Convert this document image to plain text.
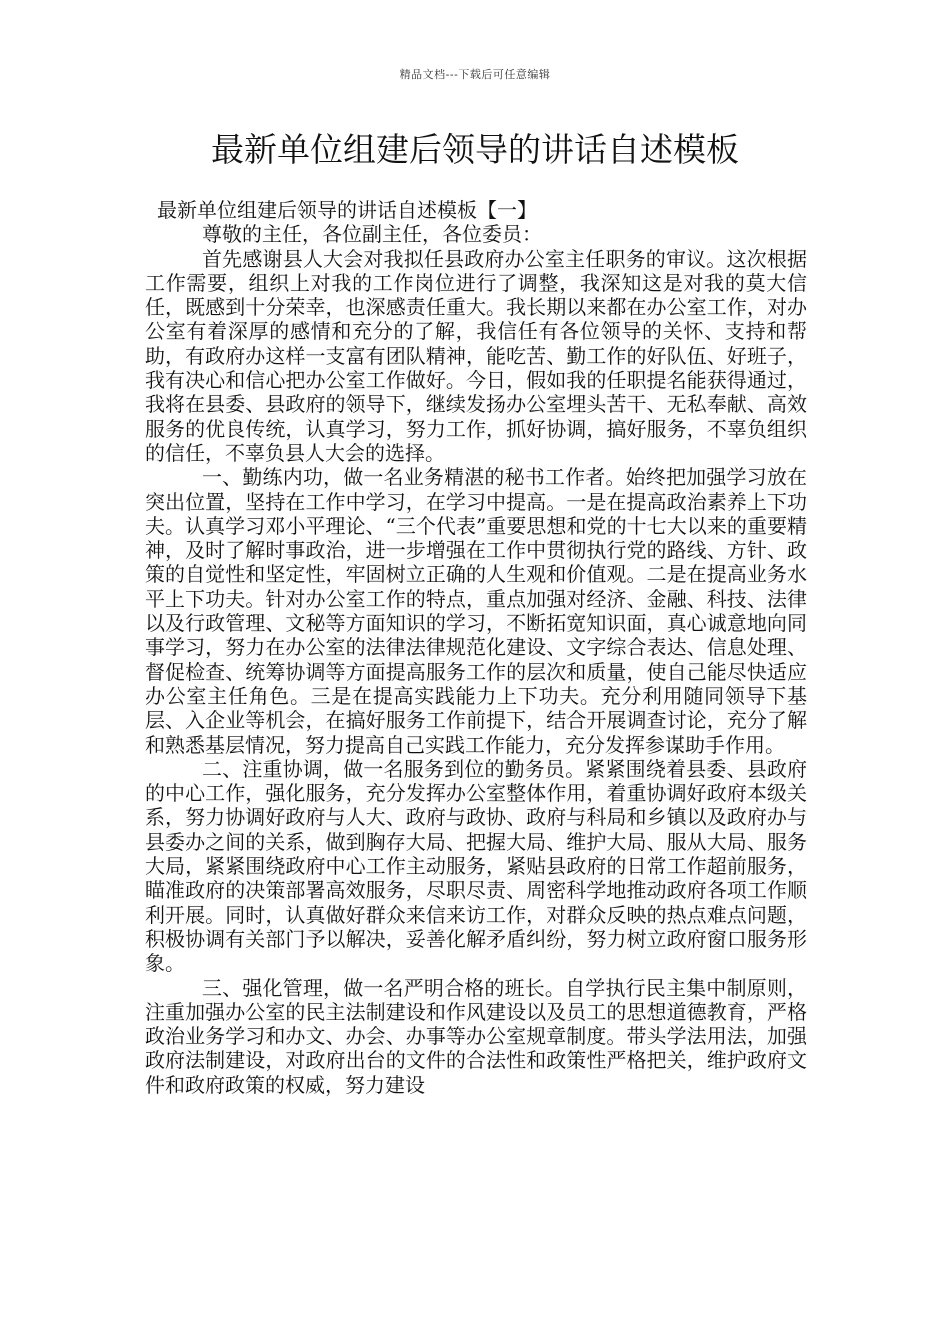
精品文档---下载后可任意编辑
最新单位组建后领导的讲话自述模板

最新单位组建后领导的讲话自述模板【一】

尊敬的主任，各位副主任，各位委员：

首先感谢县人大会对我拟任县政府办公室主任职务的审议。这次根据工作需要，组织上对我的工作岗位进行了调整，我深知这是对我的莫大信任，既感到十分荣幸，也深感责任重大。我长期以来都在办公室工作，对办公室有着深厚的感情和充分的了解，我信任有各位领导的关怀、支持和帮助，有政府办这样一支富有团队精神，能吃苦、勤工作的好队伍、好班子，我有决心和信心把办公室工作做好。今日，假如我的任职提名能获得通过，我将在县委、县政府的领导下，继续发扬办公室埋头苦干、无私奉献、高效服务的优良传统，认真学习，努力工作，抓好协调，搞好服务，不辜负组织的信任，不辜负县人大会的选择。

一、勤练内功，做一名业务精湛的秘书工作者。始终把加强学习放在突出位置，坚持在工作中学习，在学习中提高。一是在提高政治素养上下功夫。认真学习邓小平理论、“三个代表”重要思想和党的十七大以来的重要精神，及时了解时事政治，进一步增强在工作中贯彻执行党的路线、方针、政策的自觉性和坚定性，牢固树立正确的人生观和价值观。二是在提高业务水平上下功夫。针对办公室工作的特点，重点加强对经济、金融、科技、法律以及行政管理、文秘等方面知识的学习，不断拓宽知识面，真心诚意地向同事学习，努力在办公室的法律法律规范化建设、文字综合表达、信息处理、督促检查、统筹协调等方面提高服务工作的层次和质量，使自己能尽快适应办公室主任角色。三是在提高实践能力上下功夫。充分利用随同领导下基层、入企业等机会，在搞好服务工作前提下，结合开展调查讨论，充分了解和熟悉基层情况，努力提高自己实践工作能力，充分发挥参谋助手作用。

二、注重协调，做一名服务到位的勤务员。紧紧围绕着县委、县政府的中心工作，强化服务，充分发挥办公室整体作用，着重协调好政府本级关系，努力协调好政府与人大、政府与政协、政府与科局和乡镇以及政府办与县委办之间的关系，做到胸存大局、把握大局、维护大局、服从大局、服务大局，紧紧围绕政府中心工作主动服务，紧贴县政府的日常工作超前服务，瞄准政府的决策部署高效服务，尽职尽责、周密科学地推动政府各项工作顺利开展。同时，认真做好群众来信来访工作，对群众反映的热点难点问题，积极协调有关部门予以解决，妥善化解矛盾纠纷，努力树立政府窗口服务形象。

三、强化管理，做一名严明合格的班长。自学执行民主集中制原则，注重加强办公室的民主法制建设和作风建设以及员工的思想道德教育，严格政治业务学习和办文、办会、办事等办公室规章制度。带头学法用法，加强政府法制建设，对政府出台的文件的合法性和政策性严格把关，维护政府文件和政府政策的权威，努力建设
